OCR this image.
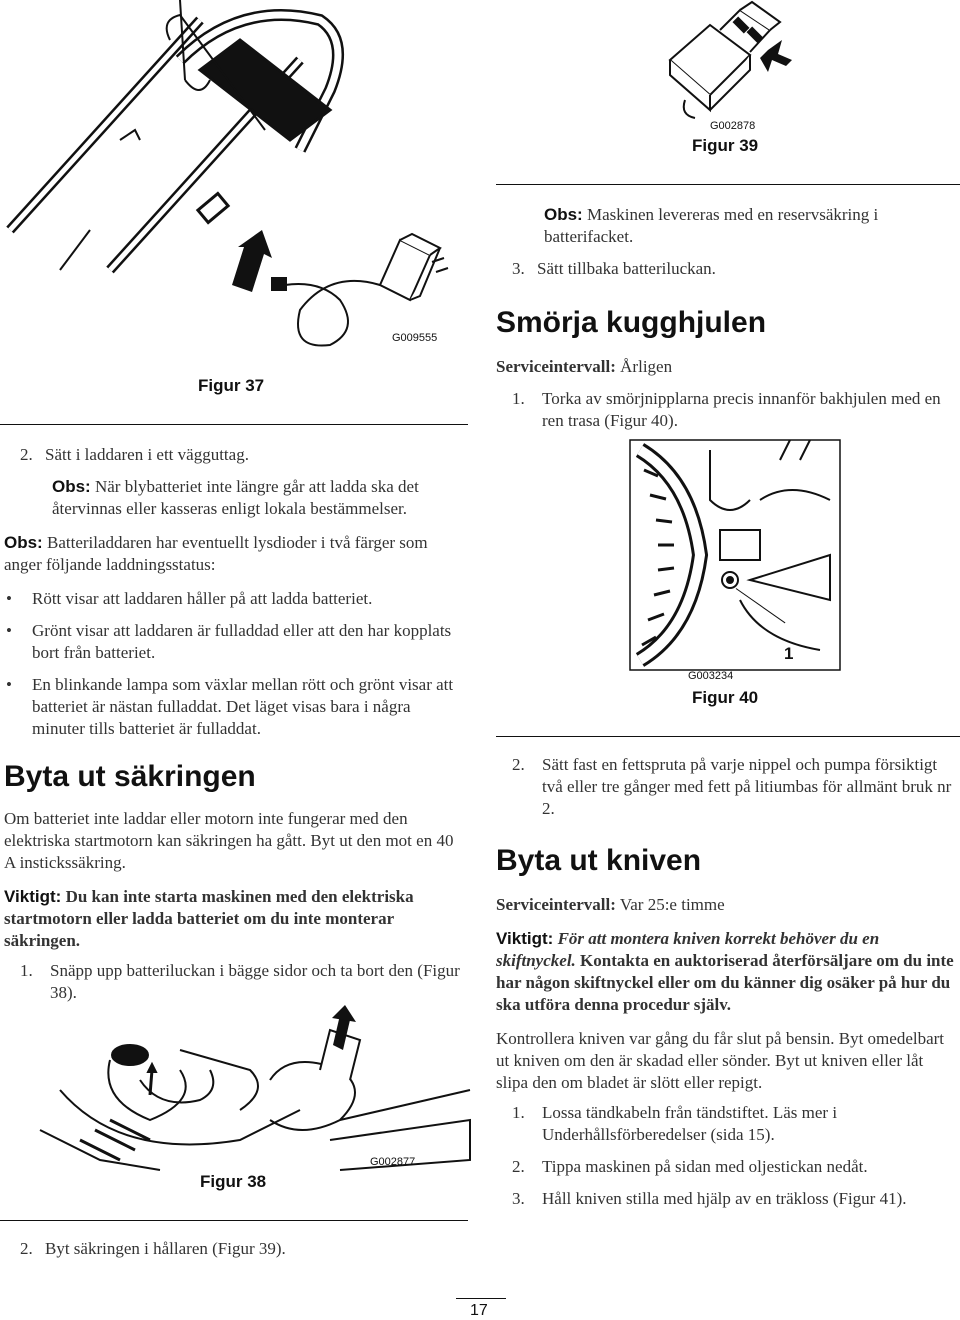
G009555
Figur 37
2. Sätt i laddaren i ett vägguttag.
Obs: När blybatteriet inte längre går att ladda ska det återvinnas eller kasseras enligt lokala bestämmelser.
Obs: Batteriladdaren har eventuellt lysdioder i två färger som anger följande laddningsstatus:
• Rött visar att laddaren håller på att ladda batteriet.
• Grönt visar att laddaren är fulladdad eller att den har kopplats bort från batteriet.
• En blinkande lampa som växlar mellan rött och grönt visar att batteriet är nästan fulladdat. Det läget visas bara i några minuter tills batteriet är fulladdat.
Byta ut säkringen
Om batteriet inte laddar eller motorn inte fungerar med den elektriska startmotorn kan säkringen ha gått. Byt ut den mot en 40 A instickssäkring.
Viktigt: Du kan inte starta maskinen med den elektriska startmotorn eller ladda batteriet om du inte monterar säkringen.
1. Snäpp upp batteriluckan i bägge sidor och ta bort den (Figur 38).
G002877
Figur 38
2. Byt säkringen i hållaren (Figur 39).
G002878
Figur 39
Obs: Maskinen levereras med en reservsäkring i batterifacket.
3. Sätt tillbaka batteriluckan.
Smörja kugghjulen
Serviceintervall: Årligen
1. Torka av smörjnipplarna precis innanför bakhjulen med en ren trasa (Figur 40).
1
G003234
Figur 40
2. Sätt fast en fettspruta på varje nippel och pumpa försiktigt två eller tre gånger med fett på litiumbas för allmänt bruk nr 2.
Byta ut kniven
Serviceintervall: Var 25:e timme
Viktigt: För att montera kniven korrekt behöver du en skiftnyckel. Kontakta en auktoriserad återförsäljare om du inte har någon skiftnyckel eller om du känner dig osäker på hur du ska utföra denna procedur själv.
Kontrollera kniven var gång du får slut på bensin. Byt omedelbart ut kniven om den är skadad eller sönder. Byt ut kniven eller låt slipa den om bladet är slött eller repigt.
1. Lossa tändkabeln från tändstiftet. Läs mer i Underhållsförberedelser (sida 15).
2. Tippa maskinen på sidan med oljestickan nedåt.
3. Håll kniven stilla med hjälp av en träkloss (Figur 41).
17
